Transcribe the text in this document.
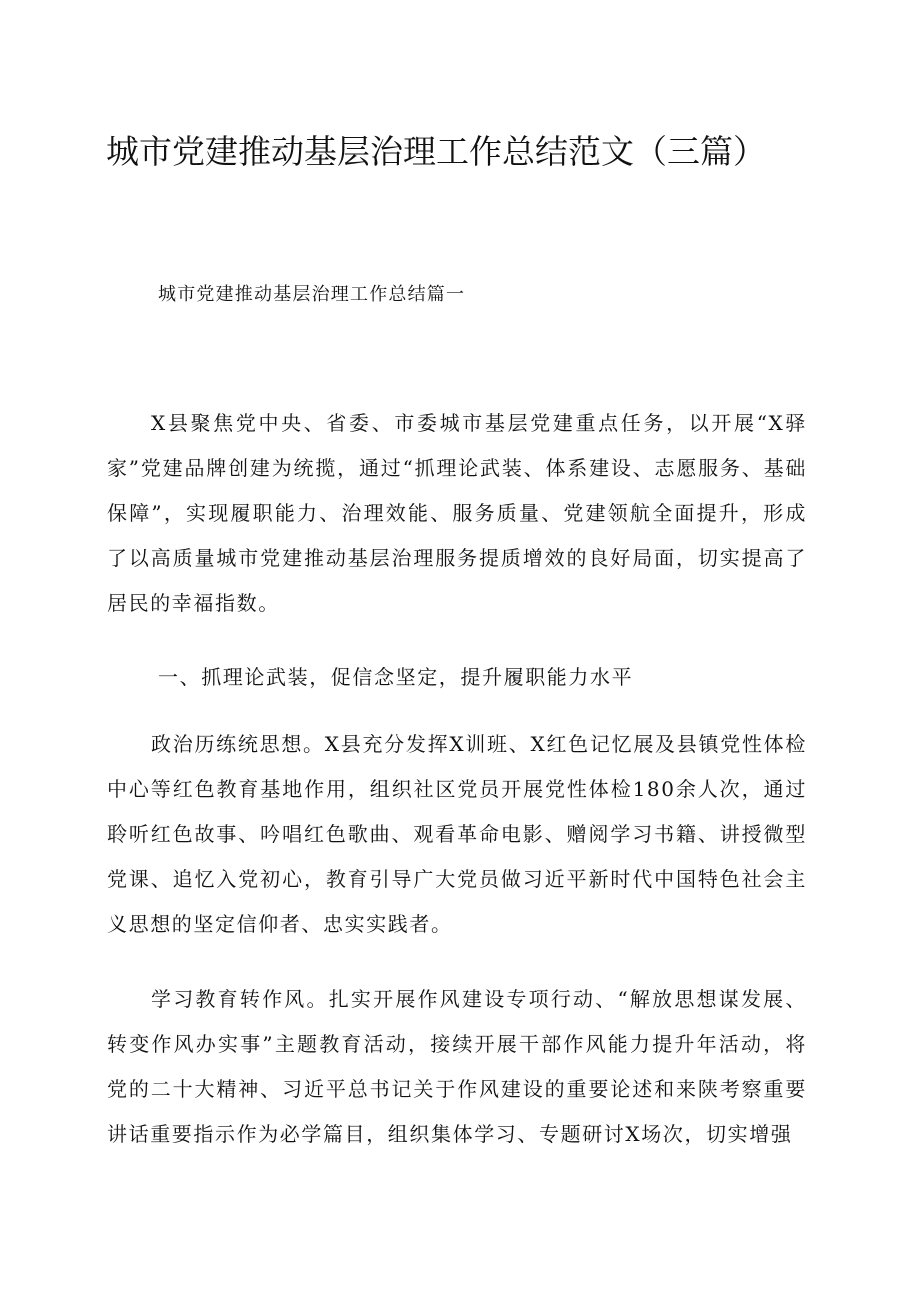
城市党建推动基层治理工作总结范文（三篇）

城市党建推动基层治理工作总结篇一

X县聚焦党中央、省委、市委城市基层党建重点任务，以开展“X驿家”党建品牌创建为统揽，通过“抓理论武装、体系建设、志愿服务、基础保障”，实现履职能力、治理效能、服务质量、党建领航全面提升，形成了以高质量城市党建推动基层治理服务提质增效的良好局面，切实提高了居民的幸福指数。

一、抓理论武装，促信念坚定，提升履职能力水平

政治历练统思想。X县充分发挥X训班、X红色记忆展及县镇党性体检中心等红色教育基地作用，组织社区党员开展党性体检180余人次，通过聆听红色故事、吟唱红色歌曲、观看革命电影、赠阅学习书籍、讲授微型党课、追忆入党初心，教育引导广大党员做习近平新时代中国特色社会主义思想的坚定信仰者、忠实实践者。

学习教育转作风。扎实开展作风建设专项行动、“解放思想谋发展、转变作风办实事”主题教育活动，接续开展干部作风能力提升年活动，将党的二十大精神、习近平总书记关于作风建设的重要论述和来陕考察重要讲话重要指示作为必学篇目，组织集体学习、专题研讨X场次，切实增强
